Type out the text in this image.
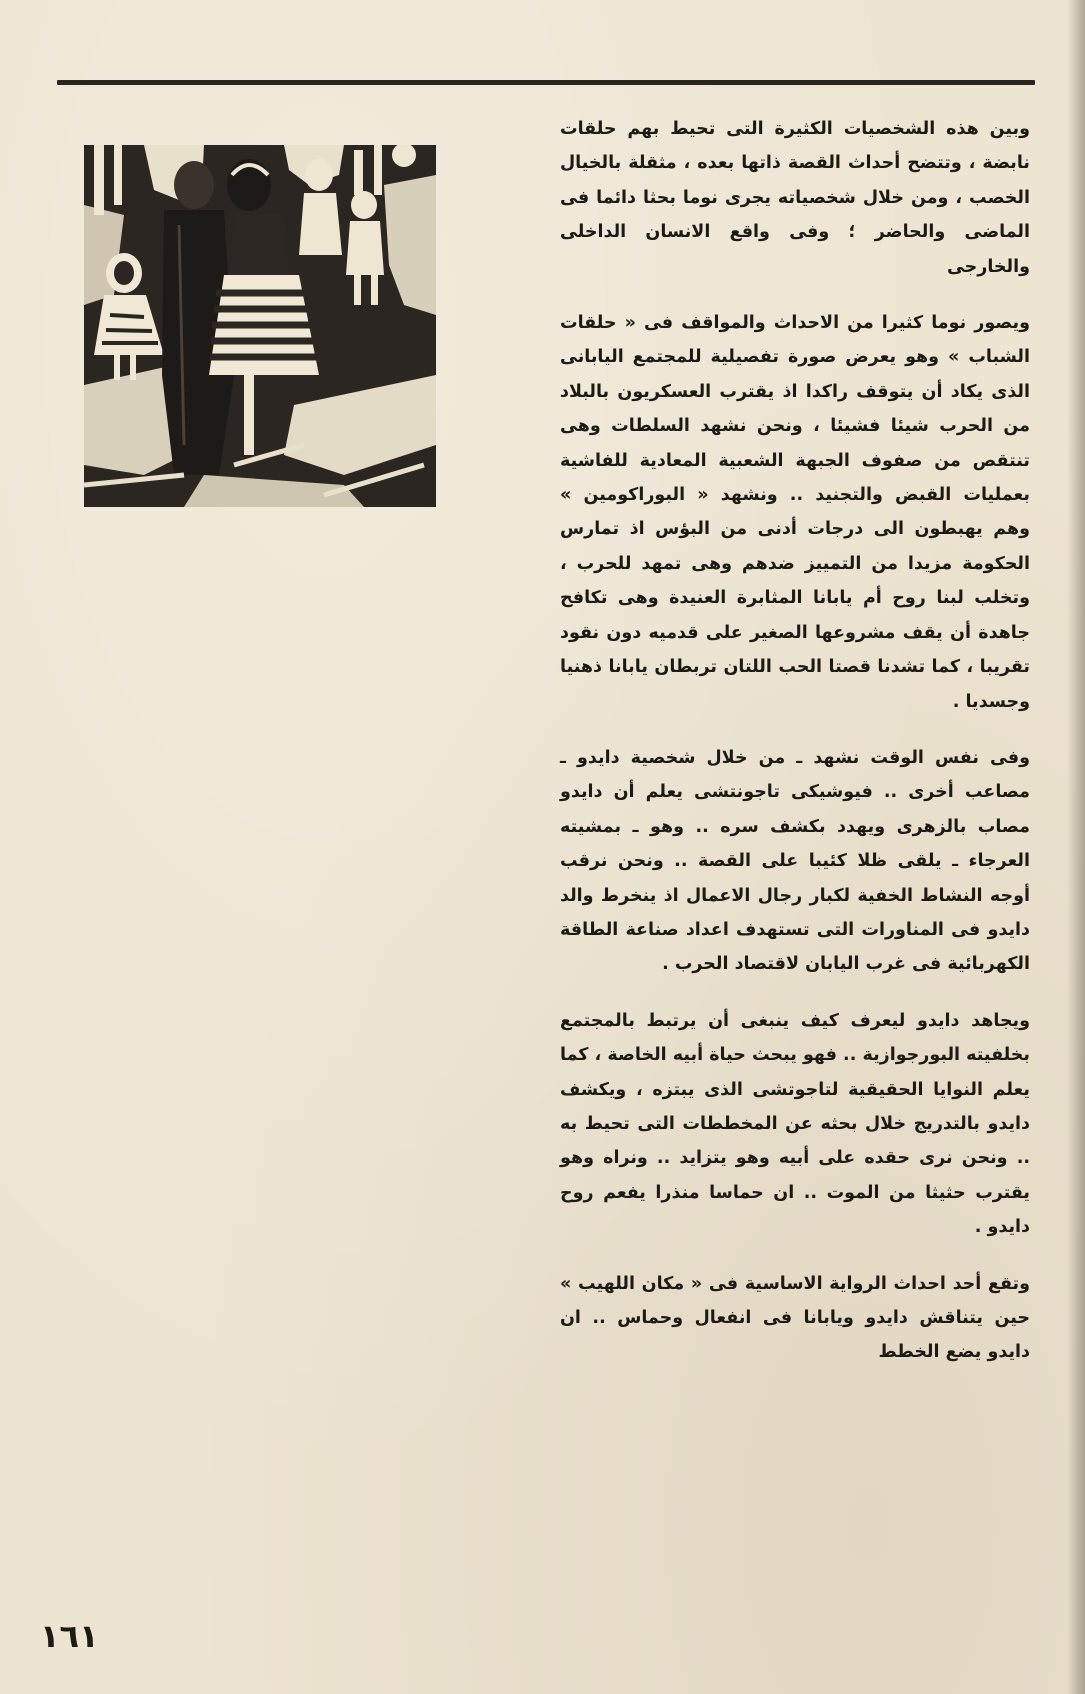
وبين هذه الشخصيات الكثيرة التى تحيط بهم حلقات نابضة ، وتتضح أحداث القصة ذاتها بعده ، مثقلة بالخيال الخصب ، ومن خلال شخصياته يجرى نوما بحثا دائما فى الماضى والحاضر ؛ وفى واقع الانسان الداخلى والخارجى

ويصور نوما كثيرا من الاحداث والمواقف فى « حلقات الشباب » وهو يعرض صورة تفصيلية للمجتمع اليابانى الذى يكاد أن يتوقف راكدا اذ يقترب العسكريون بالبلاد من الحرب شيئا فشيئا ، ونحن نشهد السلطات وهى تنتقص من صفوف الجبهة الشعبية المعادية للفاشية بعمليات القبض والتجنيد .. ونشهد « البوراكومين » وهم يهبطون الى درجات أدنى من البؤس اذ تمارس الحكومة مزيدا من التمييز ضدهم وهى تمهد للحرب ، وتخلب لبنا روح أم يابانا المثابرة العنيدة وهى تكافح جاهدة أن يقف مشروعها الصغير على قدميه دون نقود تقريبا ، كما تشدنا قصتا الحب اللتان تربطان يابانا ذهنيا وجسديا .

وفى نفس الوقت نشهد ـ من خلال شخصية دايدو ـ مصاعب أخرى .. فيوشيكى تاجونتشى يعلم أن دايدو مصاب بالزهرى ويهدد بكشف سره .. وهو ـ بمشيته العرجاء ـ يلقى ظلا كئيبا على القصة .. ونحن نرقب أوجه النشاط الخفية لكبار رجال الاعمال اذ ينخرط والد دايدو فى المناورات التى تستهدف اعداد صناعة الطاقة الكهربائية فى غرب اليابان لاقتصاد الحرب .

ويجاهد دايدو ليعرف كيف ينبغى أن يرتبط بالمجتمع بخلفيته البورجوازية .. فهو يبحث حياة أبيه الخاصة ، كما يعلم النوايا الحقيقية لتاجوتشى الذى يبتزه ، ويكشف دايدو بالتدريج خلال بحثه عن المخططات التى تحيط به .. ونحن نرى حقده على أبيه وهو يتزايد .. ونراه وهو يقترب حثيثا من الموت .. ان حماسا منذرا يفعم روح دايدو .

وتقع أحد احداث الرواية الاساسية فى « مكان اللهيب » حين يتناقش دايدو ويابانا فى انفعال وحماس .. ان دايدو يضع الخطط

١٦١
